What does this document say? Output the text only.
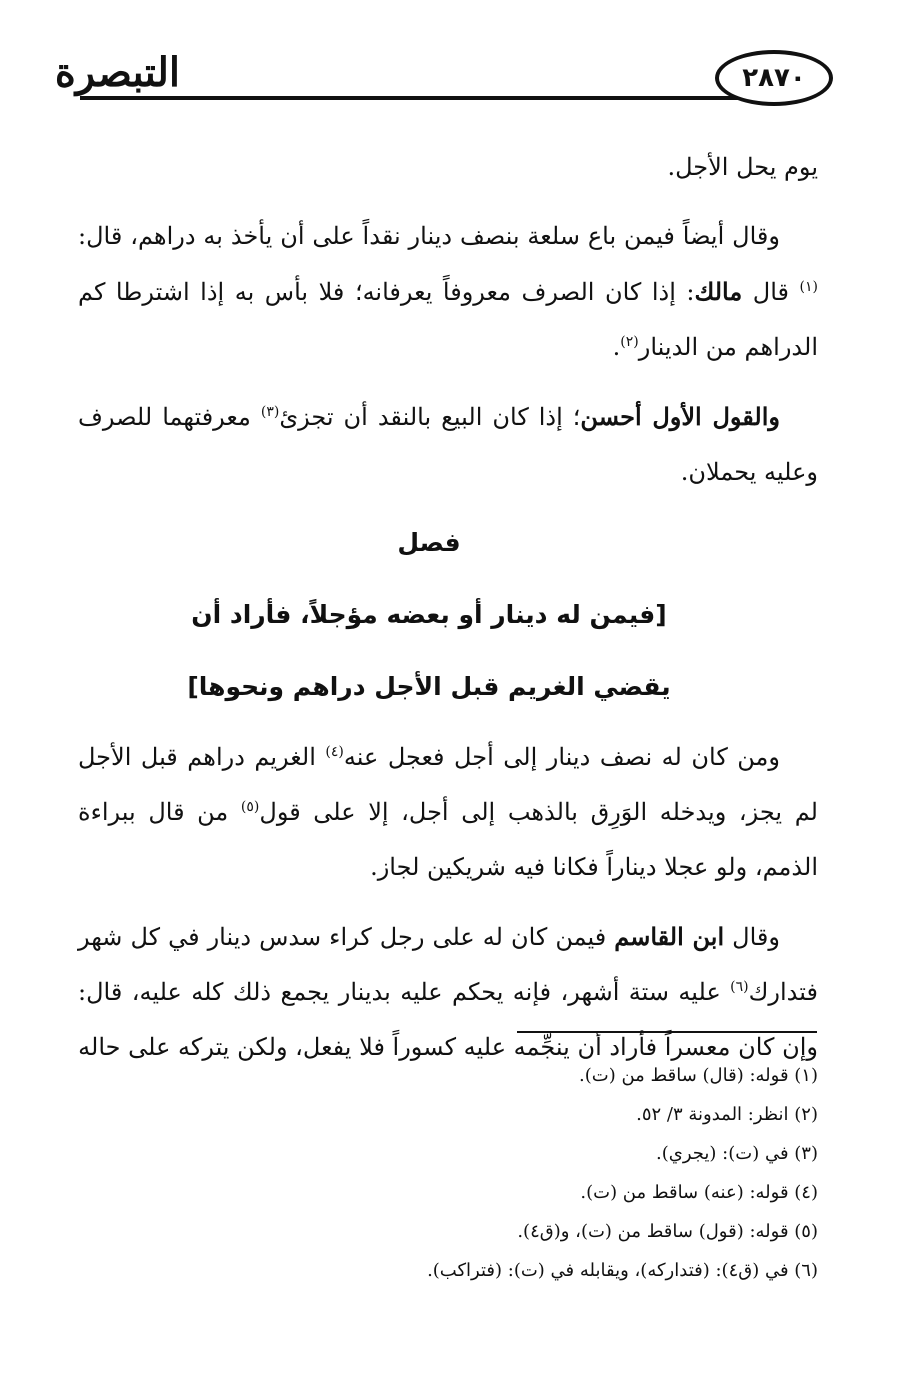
التبصرة	٢٨٧٠

يوم يحل الأجل.

وقال أيضاً فيمن باع سلعة بنصف دينار نقداً على أن يأخذ به دراهم، قال:$^{(١)}$ قال مالك: إذا كان الصرف معروفاً يعرفانه؛ فلا بأس به إذا اشترطا كم الدراهم من الدينار$^{(٢)}$.

والقول الأول أحسن؛ إذا كان البيع بالنقد أن تجزئ$^{(٣)}$ معرفتهما للصرف وعليه يحملان.

فصل

[فيمن له دينار أو بعضه مؤجلاً، فأراد أن

يقضي الغريم قبل الأجل دراهم ونحوها]

ومن كان له نصف دينار إلى أجل فعجل عنه$^{(٤)}$ الغريم دراهم قبل الأجل لم يجز، ويدخله الوَرِق بالذهب إلى أجل، إلا على قول$^{(٥)}$ من قال ببراءة الذمم، ولو عجلا ديناراً فكانا فيه شريكين لجاز.

وقال ابن القاسم فيمن كان له على رجل كراء سدس دينار في كل شهر فتدارك$^{(٦)}$ عليه ستة أشهر، فإنه يحكم عليه بدينار يجمع ذلك كله عليه، قال: وإن كان معسراً فأراد أن ينجِّمه عليه كسوراً فلا يفعل، ولكن يتركه على حاله

(١) قوله: (قال) ساقط من (ت).
(٢) انظر: المدونة ٣/ ٥٢.
(٣) في (ت): (يجري).
(٤) قوله: (عنه) ساقط من (ت).
(٥) قوله: (قول) ساقط من (ت)، و(ق٤).
(٦) في (ق٤): (فتداركه)، ويقابله في (ت): (فتراكب).
